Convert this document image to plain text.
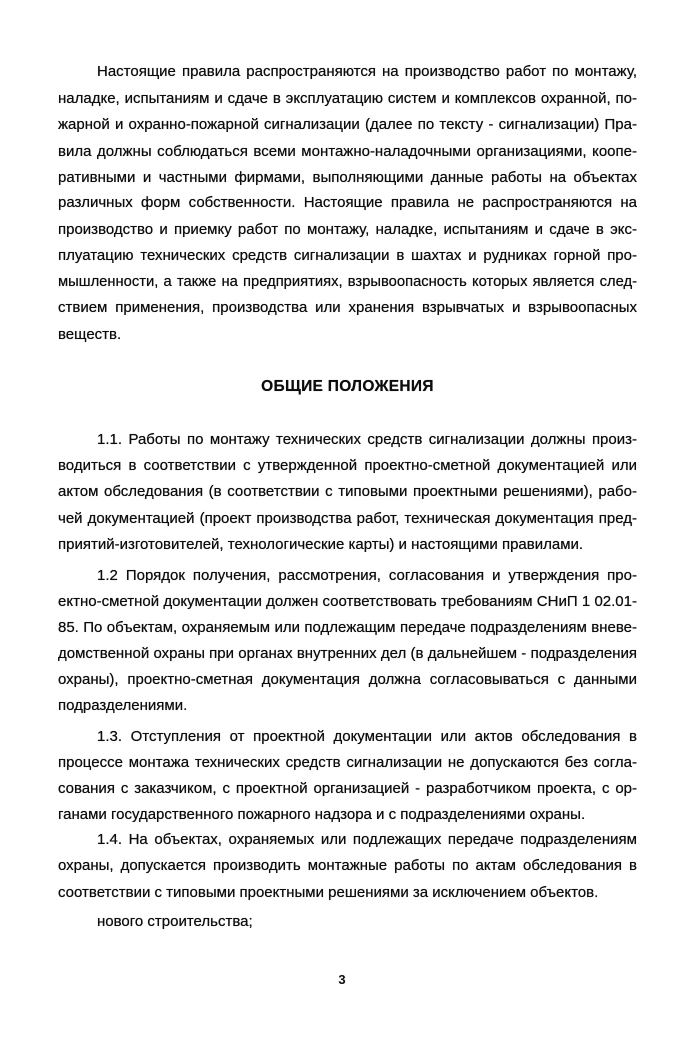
Настоящие правила распространяются на производство работ по монтажу,
наладке, испытаниям и сдаче в эксплуатацию систем и комплексов охранной, по-
жарной и охранно-пожарной сигнализации (далее по тексту - сигнализации) Пра-
вила должны соблюдаться всеми монтажно-наладочными организациями, коопе-
ративными и частными фирмами, выполняющими данные работы на объектах
различных форм собственности. Настоящие правила не распространяются на
производство и приемку работ по монтажу, наладке, испытаниям и сдаче в экс-
плуатацию технических средств сигнализации в шахтах и рудниках горной про-
мышленности, а также на предприятиях, взрывоопасность которых является след-
ствием применения, производства или хранения взрывчатых и взрывоопасных
веществ.
ОБЩИЕ ПОЛОЖЕНИЯ
1.1. Работы по монтажу технических средств сигнализации должны произ-
водиться в соответствии с утвержденной проектно-сметной документацией или
актом обследования (в соответствии с типовыми проектными решениями), рабо-
чей документацией (проект производства работ, техническая документация пред-
приятий-изготовителей, технологические карты) и настоящими правилами.
1.2 Порядок получения, рассмотрения, согласования и утверждения про-
ектно-сметной документации должен соответствовать требованиям СНиП 1 02.01-
85. По объектам, охраняемым или подлежащим передаче подразделениям вневе-
домственной охраны при органах внутренних дел (в дальнейшем - подразделения
охраны), проектно-сметная документация должна согласовываться с данными
подразделениями.
1.3. Отступления от проектной документации или актов обследования в
процессе монтажа технических средств сигнализации не допускаются без согла-
сования с заказчиком, с проектной организацией - разработчиком проекта, с ор-
ганами государственного пожарного надзора и с подразделениями охраны.
1.4. На объектах, охраняемых или подлежащих передаче подразделениям
охраны, допускается производить монтажные работы по актам обследования в
соответствии с типовыми проектными решениями за исключением объектов.
нового строительства;
3
